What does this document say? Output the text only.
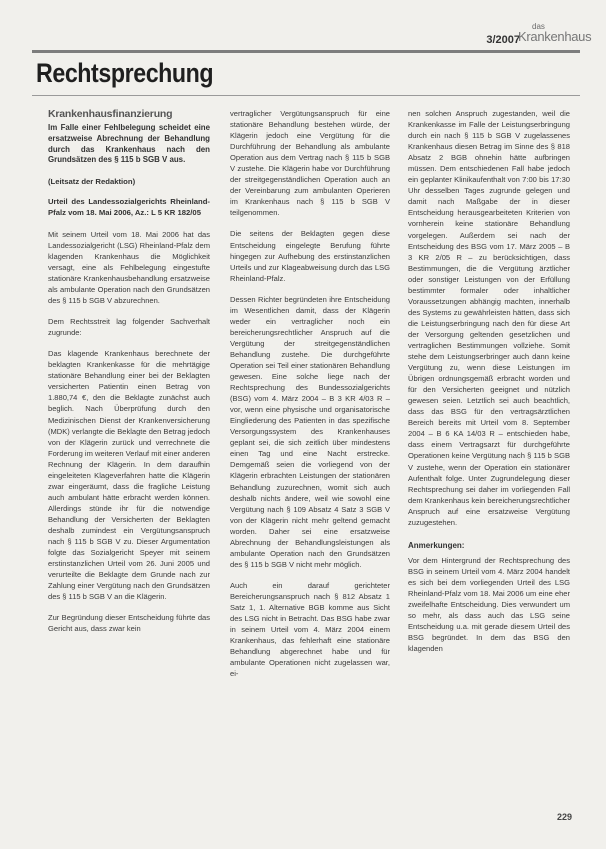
3/2007
das
Krankenhaus
Rechtsprechung
Krankenhausfinanzierung

Im Falle einer Fehlbelegung scheidet eine ersatzweise Abrechnung der Behandlung durch das Krankenhaus nach den Grundsätzen des § 115 b SGB V aus.

(Leitsatz der Redaktion)

Urteil des Landessozialgerichts Rheinland-Pfalz vom 18. Mai 2006, Az.: L 5 KR 182/05

Mit seinem Urteil vom 18. Mai 2006 hat das Landessozialgericht (LSG) Rheinland-Pfalz dem klagenden Krankenhaus die Möglichkeit versagt, eine als Fehlbelegung eingestufte stationäre Krankenhausbehandlung ersatzweise als ambulante Operation nach den Grundsätzen des § 115 b SGB V abzurechnen.

Dem Rechtsstreit lag folgender Sachverhalt zugrunde:

Das klagende Krankenhaus berechnete der beklagten Krankenkasse für die mehrtägige stationäre Behandlung einer bei der Beklagten versicherten Patientin einen Betrag von 1.880,74 €, den die Beklagte zunächst auch beglich. Nach Überprüfung durch den Medizinischen Dienst der Krankenversicherung (MDK) verlangte die Beklagte den Betrag jedoch von der Klägerin zurück und verrechnete die Forderung im weiteren Verlauf mit einer anderen Rechnung der Klägerin. In dem daraufhin eingeleiteten Klageverfahren hatte die Klägerin zwar eingeräumt, dass die fragliche Leistung auch ambulant hätte erbracht werden können. Allerdings stünde ihr für die notwendige Behandlung der Versicherten der Beklagten deshalb zumindest ein Vergütungsanspruch nach § 115 b SGB V zu. Dieser Argumentation folgte das Sozialgericht Speyer mit seinem erstinstanzlichen Urteil vom 26. Juni 2005 und verurteilte die Beklagte dem Grunde nach zur Zahlung einer Vergütung nach den Grundsätzen des § 115 b SGB V an die Klägerin.

Zur Begründung dieser Entscheidung führte das Gericht aus, dass zwar kein

vertraglicher Vergütungsanspruch für eine stationäre Behandlung bestehen würde, der Klägerin jedoch eine Vergütung für die Durchführung der Behandlung als ambulante Operation aus dem Vertrag nach § 115 b SGB V zustehe. Die Klägerin habe vor Durchführung der streitgegenständlichen Operation auch an der Vereinbarung zum ambulanten Operieren im Krankenhaus nach § 115 b SGB V teilgenommen.

Die seitens der Beklagten gegen diese Entscheidung eingelegte Berufung führte hingegen zur Aufhebung des erstinstanzlichen Urteils und zur Klageabweisung durch das LSG Rheinland-Pfalz.

Dessen Richter begründeten ihre Entscheidung im Wesentlichen damit, dass der Klägerin weder ein vertraglicher noch ein bereicherungsrechtlicher Anspruch auf die Vergütung der streitgegenständlichen Behandlung zustehe. Die durchgeführte Operation sei Teil einer stationären Behandlung gewesen. Eine solche liege nach der Rechtsprechung des Bundessozialgerichts (BSG) vom 4. März 2004 – B 3 KR 4/03 R – vor, wenn eine physische und organisatorische Eingliederung des Patienten in das spezifische Versorgungssystem des Krankenhauses geplant sei, die sich zeitlich über mindestens einen Tag und eine Nacht erstrecke. Demgemäß seien die vorliegend von der Klägerin erbrachten Leistungen der stationären Behandlung zuzurechnen, womit sich auch deshalb nichts ändere, weil wie sowohl eine Vergütung nach § 109 Absatz 4 Satz 3 SGB V von der Klägerin nicht mehr geltend gemacht worden. Daher sei eine ersatzweise Abrechnung der Behandlungsleistungen als ambulante Operation nach den Grundsätzen des § 115 b SGB V nicht mehr möglich.

Auch ein darauf gerichteter Bereicherungsanspruch nach § 812 Absatz 1 Satz 1, 1. Alternative BGB komme aus Sicht des LSG nicht in Betracht. Das BSG habe zwar in seinem Urteil vom 4. März 2004 einem Krankenhaus, das fehlerhaft eine stationäre Behandlung abgerechnet habe und für ambulante Operationen nicht zugelassen war, ei-

nen solchen Anspruch zugestanden, weil die Krankenkasse im Falle der Leistungserbringung durch ein nach § 115 b SGB V zugelassenes Krankenhaus diesen Betrag im Sinne des § 818 Absatz 2 BGB ohnehin hätte aufbringen müssen. Dem entschiedenen Fall habe jedoch ein geplanter Klinikaufenthalt von 7:00 bis 17:30 Uhr desselben Tages zugrunde gelegen und damit nach Maßgabe der in dieser Entscheidung herausgearbeiteten Kriterien von vornherein keine stationäre Behandlung vorgelegen. Außerdem sei nach der Entscheidung des BSG vom 17. März 2005 – B 3 KR 2/05 R – zu berücksichtigen, dass Bestimmungen, die die Vergütung ärztlicher oder sonstiger Leistungen von der Erfüllung bestimmter formaler oder inhaltlicher Voraussetzungen abhängig machten, innerhalb des Systems zu gewährleisten hätten, dass sich die Leistungserbringung nach den für diese Art der Versorgung geltenden gesetzlichen und vertraglichen Bestimmungen vollziehe. Somit stehe dem Leistungserbringer auch dann keine Vergütung zu, wenn diese Leistungen im Übrigen ordnungsgemäß erbracht worden und für den Versicherten geeignet und nützlich gewesen seien. Letztlich sei auch beachtlich, dass das BSG für den vertragsärztlichen Bereich bereits mit Urteil vom 8. September 2004 – B 6 KA 14/03 R – entschieden habe, dass einem Vertragsarzt für durchgeführte Operationen keine Vergütung nach § 115 b SGB V zustehe, wenn der Operation ein stationärer Aufenthalt folge. Unter Zugrundelegung dieser Rechtsprechung sei daher im vorliegenden Fall dem Krankenhaus kein bereicherungsrechtlicher Anspruch auf eine ersatzweise Vergütung zuzugestehen.

Anmerkungen:

Vor dem Hintergrund der Rechtsprechung des BSG in seinem Urteil vom 4. März 2004 handelt es sich bei dem vorliegenden Urteil des LSG Rheinland-Pfalz vom 18. Mai 2006 um eine eher zweifelhafte Entscheidung. Dies verwundert um so mehr, als dass auch das LSG seine Entscheidung u.a. mit gerade diesem Urteil des BSG begründet. In dem das BSG den klagenden

229
